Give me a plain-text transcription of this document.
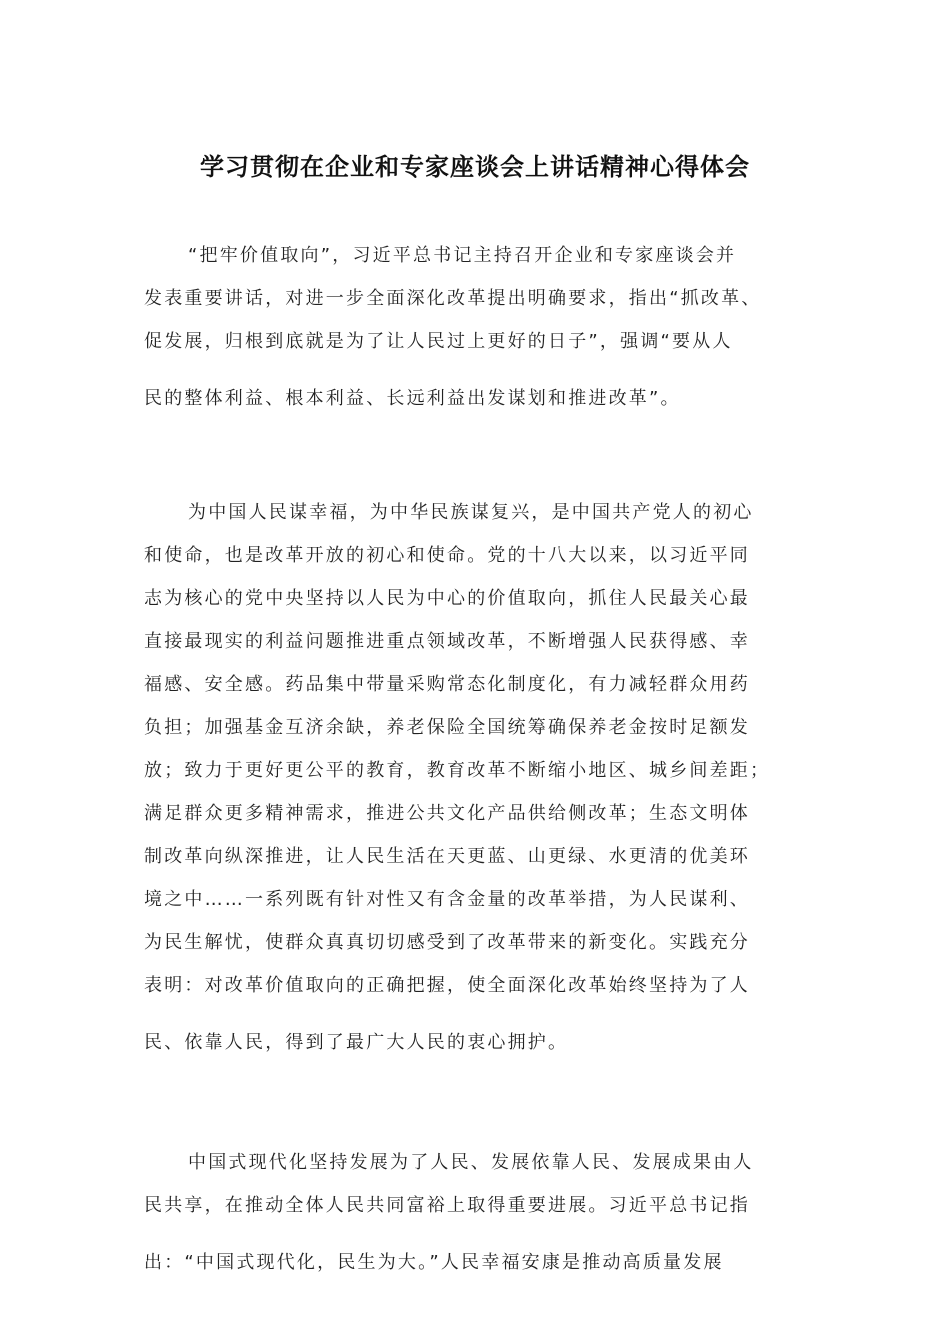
学习贯彻在企业和专家座谈会上讲话精神心得体会
“把牢价值取向”，习近平总书记主持召开企业和专家座谈会并
发表重要讲话，对进一步全面深化改革提出明确要求，指出“抓改革、
促发展，归根到底就是为了让人民过上更好的日子”，强调“要从人
民的整体利益、根本利益、长远利益出发谋划和推进改革”。
为中国人民谋幸福，为中华民族谋复兴，是中国共产党人的初心
和使命，也是改革开放的初心和使命。党的十八大以来，以习近平同
志为核心的党中央坚持以人民为中心的价值取向，抓住人民最关心最
直接最现实的利益问题推进重点领域改革，不断增强人民获得感、幸
福感、安全感。药品集中带量采购常态化制度化，有力减轻群众用药
负担；加强基金互济余缺，养老保险全国统筹确保养老金按时足额发
放；致力于更好更公平的教育，教育改革不断缩小地区、城乡间差距；
满足群众更多精神需求，推进公共文化产品供给侧改革；生态文明体
制改革向纵深推进，让人民生活在天更蓝、山更绿、水更清的优美环
境之中……一系列既有针对性又有含金量的改革举措，为人民谋利、
为民生解忧，使群众真真切切感受到了改革带来的新变化。实践充分
表明：对改革价值取向的正确把握，使全面深化改革始终坚持为了人
民、依靠人民，得到了最广大人民的衷心拥护。
中国式现代化坚持发展为了人民、发展依靠人民、发展成果由人
民共享，在推动全体人民共同富裕上取得重要进展。习近平总书记指
出：“中国式现代化，民生为大。”人民幸福安康是推动高质量发展
